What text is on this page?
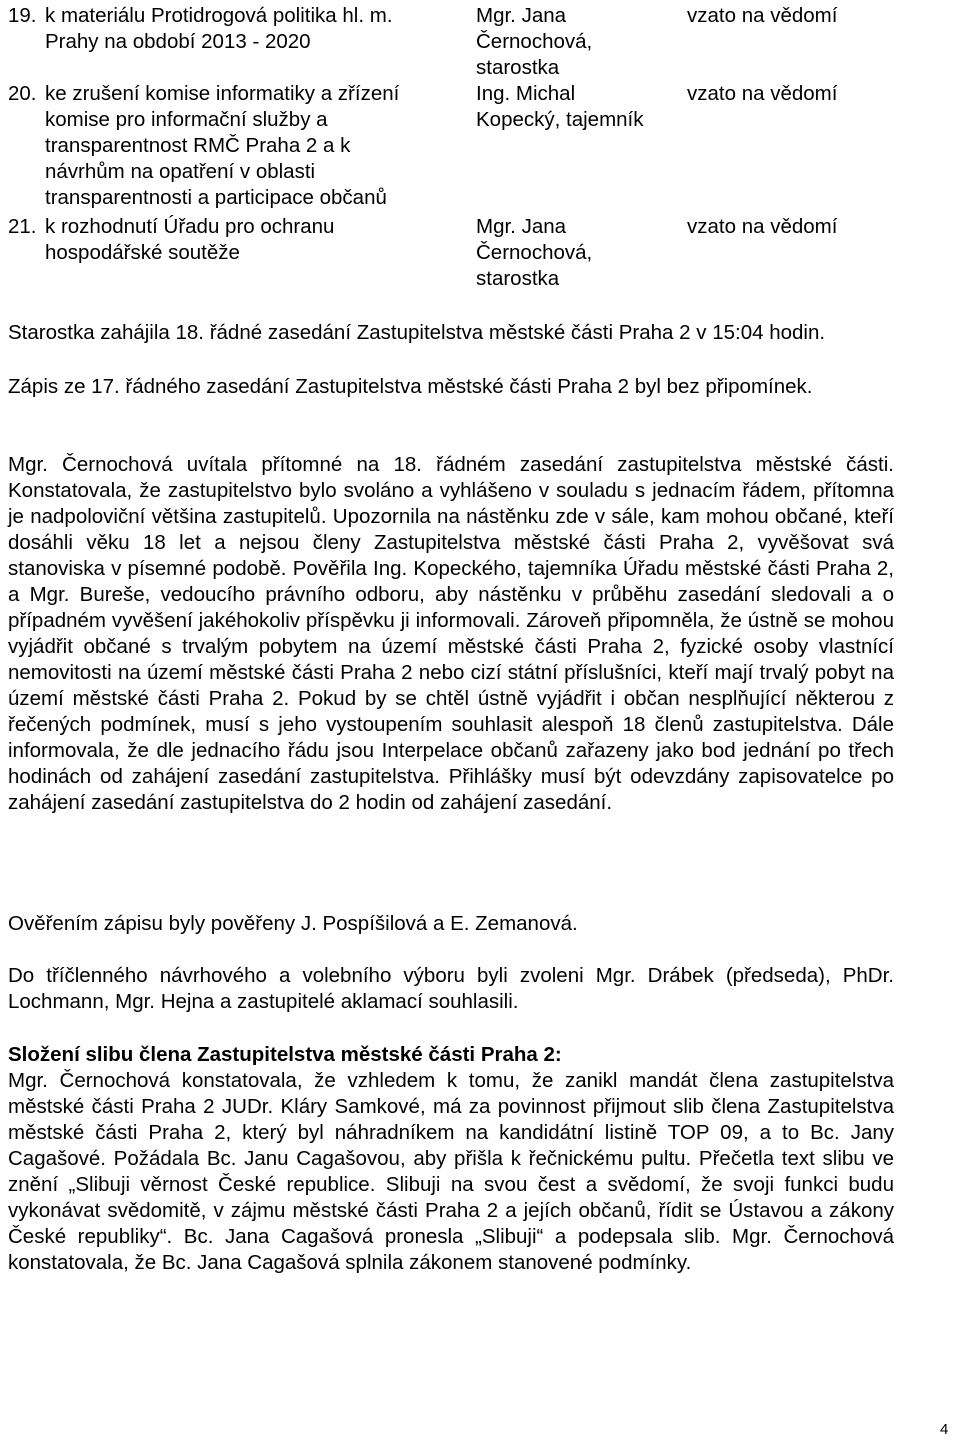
19. k materiálu Protidrogová politika hl. m.
Prahy na období 2013 - 2020
Mgr. Jana
Černochová,
starostka
vzato na vědomí
20. ke zrušení komise informatiky a zřízení
komise pro informační služby a
transparentnost RMČ Praha 2 a k
návrhům na opatření v oblasti
transparentnosti a participace občanů
Ing. Michal
Kopecký, tajemník
vzato na vědomí
21. k rozhodnutí Úřadu pro ochranu
hospodářské soutěže
Mgr. Jana
Černochová,
starostka
vzato na vědomí

Starostka zahájila 18. řádné zasedání Zastupitelstva městské části Praha 2 v 15:04 hodin.

Zápis ze 17. řádného zasedání Zastupitelstva městské části Praha 2 byl bez připomínek.

Mgr. Černochová uvítala přítomné na 18. řádném zasedání zastupitelstva městské části. Konstatovala, že zastupitelstvo bylo svoláno a vyhlášeno v souladu s jednacím řádem, přítomna je nadpoloviční většina zastupitelů. Upozornila na nástěnku zde v sále, kam mohou občané, kteří dosáhli věku 18 let a nejsou členy Zastupitelstva městské části Praha 2, vyvěšovat svá stanoviska v písemné podobě. Pověřila Ing. Kopeckého, tajemníka Úřadu městské části Praha 2, a Mgr. Bureše, vedoucího právního odboru, aby nástěnku v průběhu zasedání sledovali a o případném vyvěšení jakéhokoliv příspěvku ji informovali. Zároveň připomněla, že ústně se mohou vyjádřit občané s trvalým pobytem na území městské části Praha 2, fyzické osoby vlastnící nemovitosti na území městské části Praha 2 nebo cizí státní příslušníci, kteří mají trvalý pobyt na území městské části Praha 2. Pokud by se chtěl ústně vyjádřit i občan nesplňující některou z řečených podmínek, musí s jeho vystoupením souhlasit alespoň 18 členů zastupitelstva. Dále informovala, že dle jednacího řádu jsou Interpelace občanů zařazeny jako bod jednání po třech hodinách od zahájení zasedání zastupitelstva. Přihlášky musí být odevzdány zapisovatelce po zahájení zasedání zastupitelstva do 2 hodin od zahájení zasedání.

Ověřením zápisu byly pověřeny J. Pospíšilová a E. Zemanová.

Do tříčlenného návrhového a volebního výboru byli zvoleni Mgr. Drábek (předseda), PhDr. Lochmann, Mgr. Hejna a zastupitelé aklamací souhlasili.

Složení slibu člena Zastupitelstva městské části Praha 2:

Mgr. Černochová konstatovala, že vzhledem k tomu, že zanikl mandát člena zastupitelstva městské části Praha 2 JUDr. Kláry Samkové, má za povinnost přijmout slib člena Zastupitelstva městské části Praha 2, který byl náhradníkem na kandidátní listině TOP 09, a to Bc. Jany Cagašové. Požádala Bc. Janu Cagašovou, aby přišla k řečnickému pultu. Přečetla text slibu ve znění „Slibuji věrnost České republice. Slibuji na svou čest a svědomí, že svoji funkci budu vykonávat svědomitě, v zájmu městské části Praha 2 a jejích občanů, řídit se Ústavou a zákony České republiky“. Bc. Jana Cagašová pronesla „Slibuji“ a podepsala slib. Mgr. Černochová konstatovala, že Bc. Jana Cagašová splnila zákonem stanovené podmínky.

4
